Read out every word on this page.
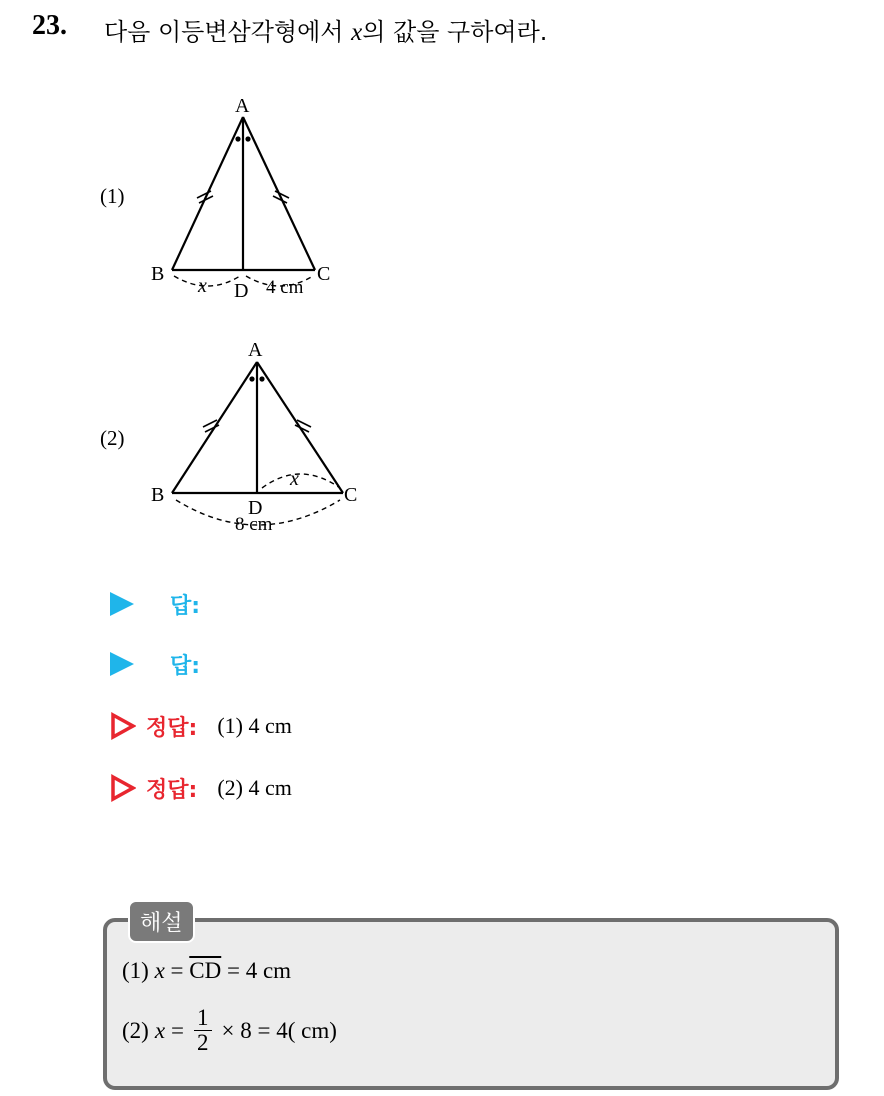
23. 다음 이등변삼각형에서 x의 값을 구하여라.
(1)
A
B	C
D
x	4 cm
(2)
A
B	C
D
x
8 cm
답:
답:
정답: (1) 4 cm
정답: (2) 4 cm
해설
(1) $x = \overline{CD} = 4$ cm
(2) $x = \frac{1}{2} \times 8 = 4$( cm)
